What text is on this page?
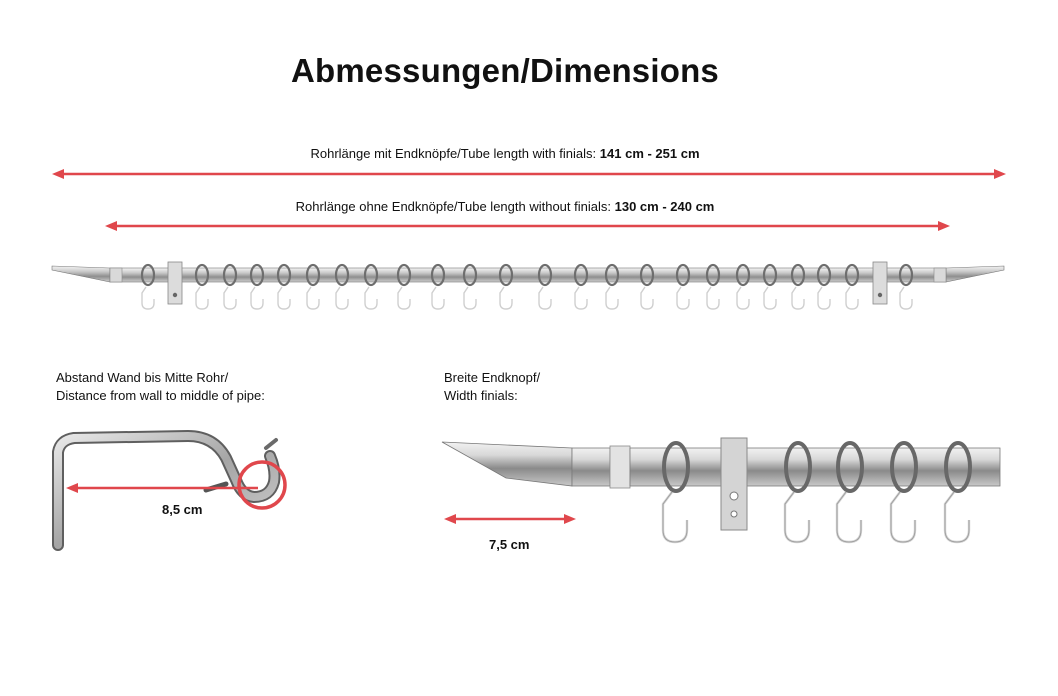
Abmessungen/Dimensions
Rohrlänge mit Endknöpfe/Tube length with finials: 141 cm - 251 cm
Rohrlänge ohne Endknöpfe/Tube length without finials: 130 cm - 240 cm
Abstand Wand bis Mitte Rohr/
Distance from wall to middle of pipe:
8,5 cm
Breite Endknopf/
Width finials:
7,5 cm
